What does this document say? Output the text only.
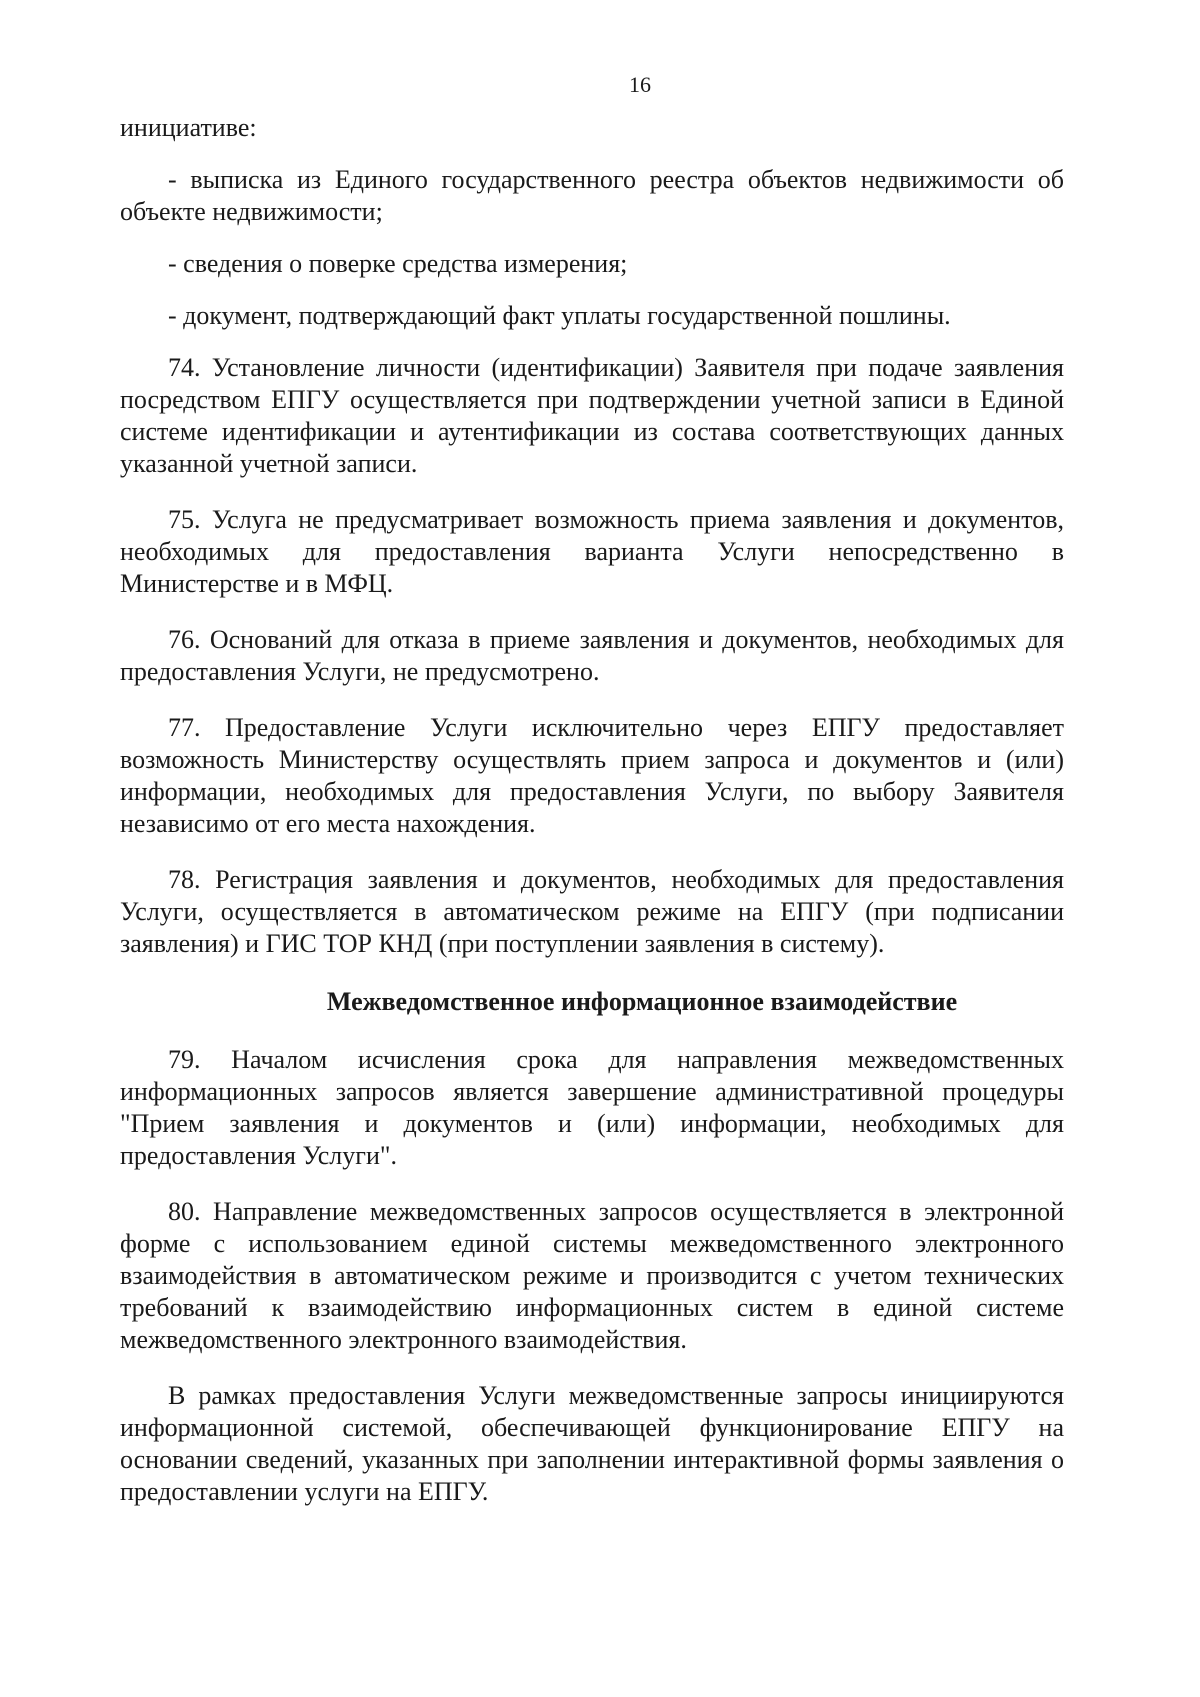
16

инициативе:

- выписка из Единого государственного реестра объектов недвижимости об объекте недвижимости;

- сведения о поверке средства измерения;

- документ, подтверждающий факт уплаты государственной пошлины.

74. Установление личности (идентификации) Заявителя при подаче заявления посредством ЕПГУ осуществляется при подтверждении учетной записи в Единой системе идентификации и аутентификации из состава соответствующих данных указанной учетной записи.

75. Услуга не предусматривает возможность приема заявления и документов, необходимых для предоставления варианта Услуги непосредственно в Министерстве и в МФЦ.

76. Оснований для отказа в приеме заявления и документов, необходимых для предоставления Услуги, не предусмотрено.

77. Предоставление Услуги исключительно через ЕПГУ предоставляет возможность Министерству осуществлять прием запроса и документов и (или) информации, необходимых для предоставления Услуги, по выбору Заявителя независимо от его места нахождения.

78. Регистрация заявления и документов, необходимых для предоставления Услуги, осуществляется в автоматическом режиме на ЕПГУ (при подписании заявления) и ГИС ТОР КНД (при поступлении заявления в систему).

Межведомственное информационное взаимодействие

79. Началом исчисления срока для направления межведомственных информационных запросов является завершение административной процедуры "Прием заявления и документов и (или) информации, необходимых для предоставления Услуги".

80. Направление межведомственных запросов осуществляется в электронной форме с использованием единой системы межведомственного электронного взаимодействия в автоматическом режиме и производится с учетом технических требований к взаимодействию информационных систем в единой системе межведомственного электронного взаимодействия.

В рамках предоставления Услуги межведомственные запросы инициируются информационной системой, обеспечивающей функционирование ЕПГУ на основании сведений, указанных при заполнении интерактивной формы заявления о предоставлении услуги на ЕПГУ.
